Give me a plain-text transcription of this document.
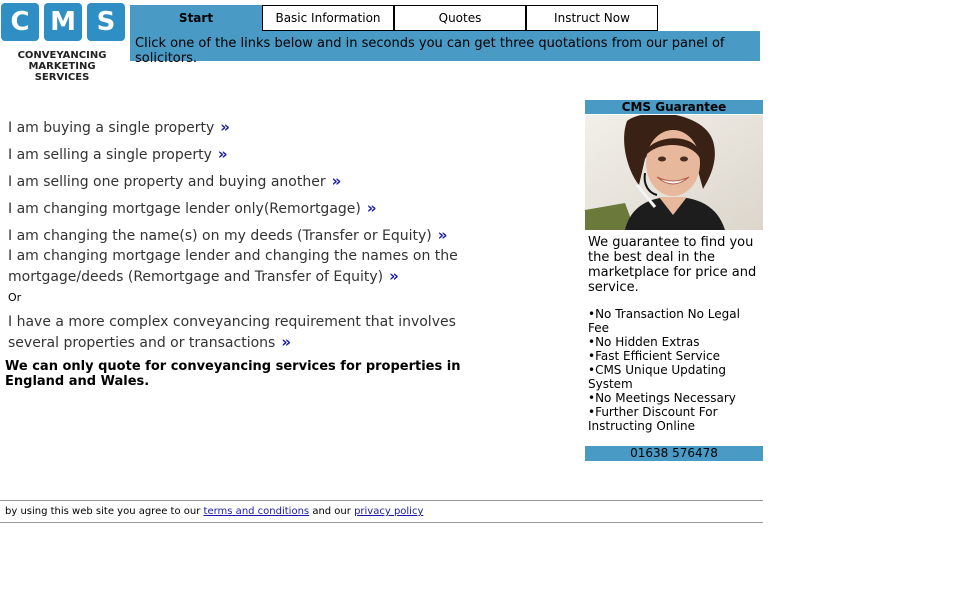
C M S
CONVEYANCING
MARKETING SERVICES
Start	Basic Information	Quotes	Instruct Now
Click one of the links below and in seconds you can get three quotations from our panel of solicitors.
I am buying a single property »
I am selling a single property »
I am selling one property and buying another »
I am changing mortgage lender only(Remortgage) »
I am changing the name(s) on my deeds (Transfer or Equity) »
I am changing mortgage lender and changing the names on the mortgage/deeds (Remortgage and Transfer of Equity) »
Or
I have a more complex conveyancing requirement that involves several properties and or transactions »
We can only quote for conveyancing services for properties in England and Wales.
CMS Guarantee
We guarantee to find you the best deal in the marketplace for price and service.
•No Transaction No Legal Fee
•No Hidden Extras
•Fast Efficient Service
•CMS Unique Updating System
•No Meetings Necessary
•Further Discount For Instructing Online
01638 576478
by using this web site you agree to our terms and conditions and our privacy policy
